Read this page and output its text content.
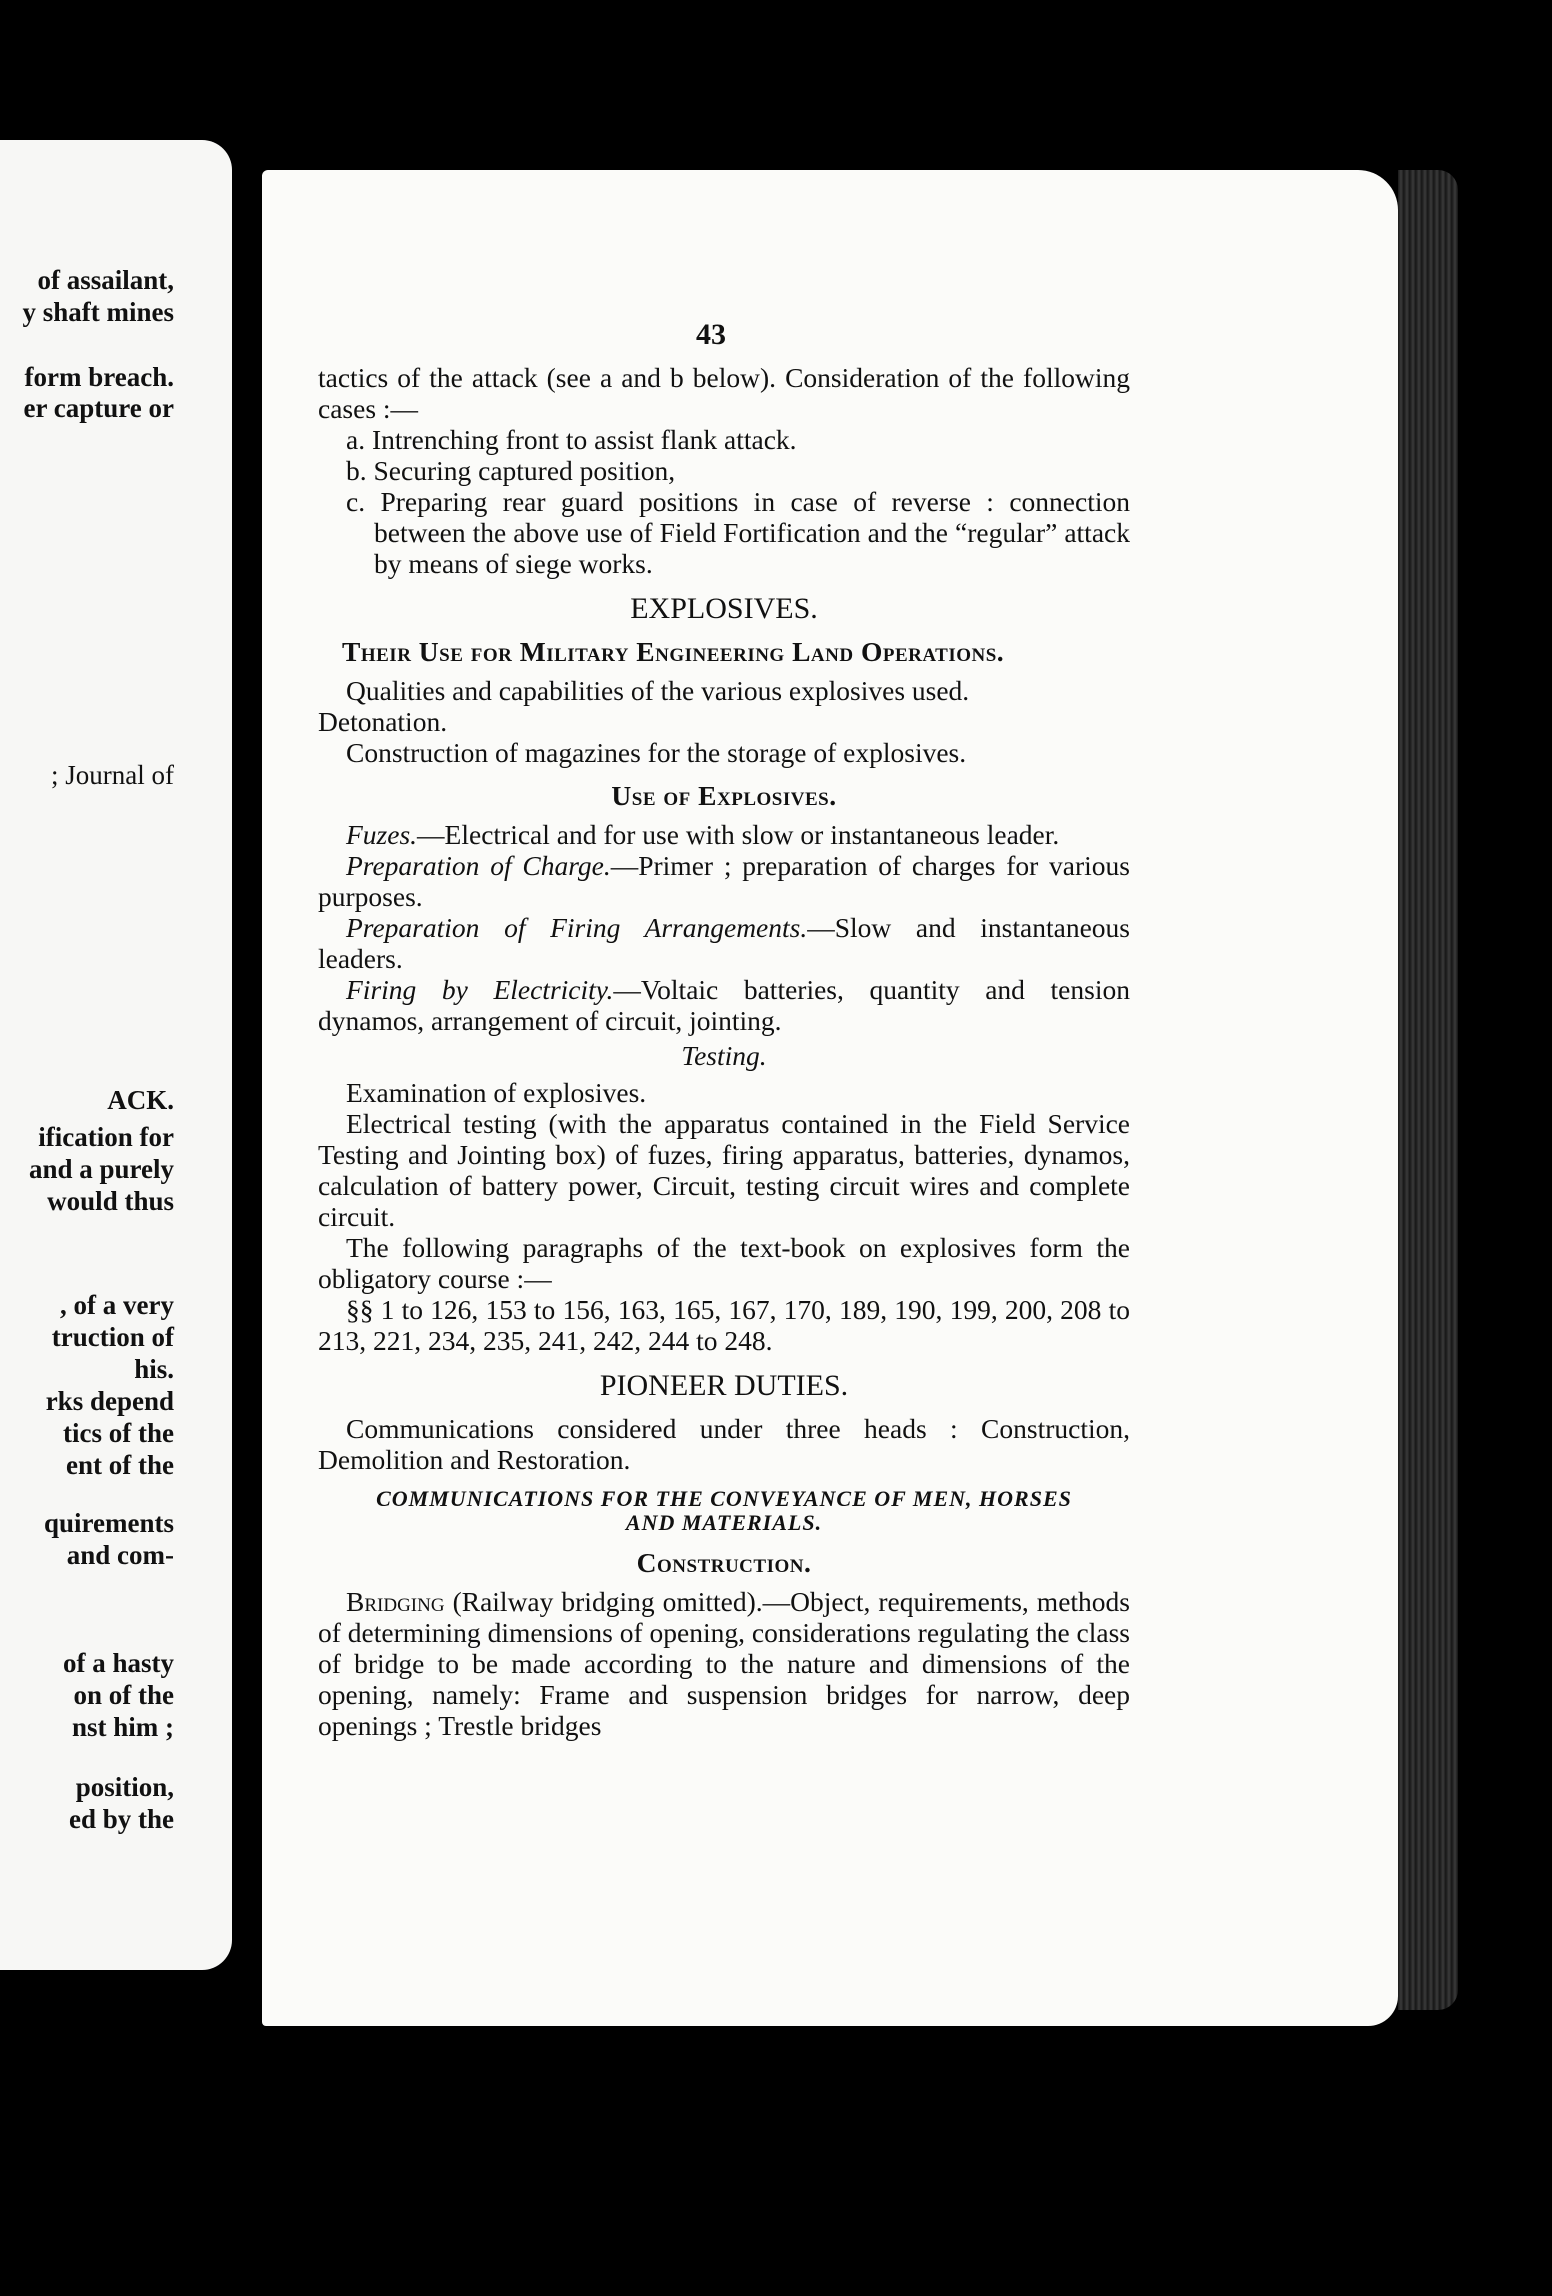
of assailant,
y shaft mines
form breach.
er capture or
; Journal of
ACK.
ification for
and a purely
would thus
, of a very
truction of
his.
rks depend
tics of the
ent of the
quirements
and com-
of a hasty
on of the
nst him ;
position,
ed by the
43

tactics of the attack (see a and b below). Consideration of the following cases :—

a. Intrenching front to assist flank attack.

b. Securing captured position,

c. Preparing rear guard positions in case of reverse : connection between the above use of Field Fortification and the “regular” attack by means of siege works.

EXPLOSIVES.
Their Use for Military Engineering Land Operations.

Qualities and capabilities of the various explosives used.

Detonation.

Construction of magazines for the storage of explosives.

Use of Explosives.

Fuzes.—Electrical and for use with slow or instantaneous leader.

Preparation of Charge.—Primer ; preparation of charges for various purposes.

Preparation of Firing Arrangements.—Slow and instantaneous leaders.

Firing by Electricity.—Voltaic batteries, quantity and tension dynamos, arrangement of circuit, jointing.

Testing.

Examination of explosives.

Electrical testing (with the apparatus contained in the Field Service Testing and Jointing box) of fuzes, firing apparatus, batteries, dynamos, calculation of battery power, Circuit, testing circuit wires and complete circuit.

The following paragraphs of the text-book on explosives form the obligatory course :—

§§ 1 to 126, 153 to 156, 163, 165, 167, 170, 189, 190, 199, 200, 208 to 213, 221, 234, 235, 241, 242, 244 to 248.

PIONEER DUTIES.

Communications considered under three heads : Construction, Demolition and Restoration.

COMMUNICATIONS FOR THE CONVEYANCE OF MEN, HORSES
AND MATERIALS.
Construction.

Bridging (Railway bridging omitted).—Object, requirements, methods of determining dimensions of opening, considerations regulating the class of bridge to be made according to the nature and dimensions of the opening, namely: Frame and suspension bridges for narrow, deep openings ; Trestle bridges
